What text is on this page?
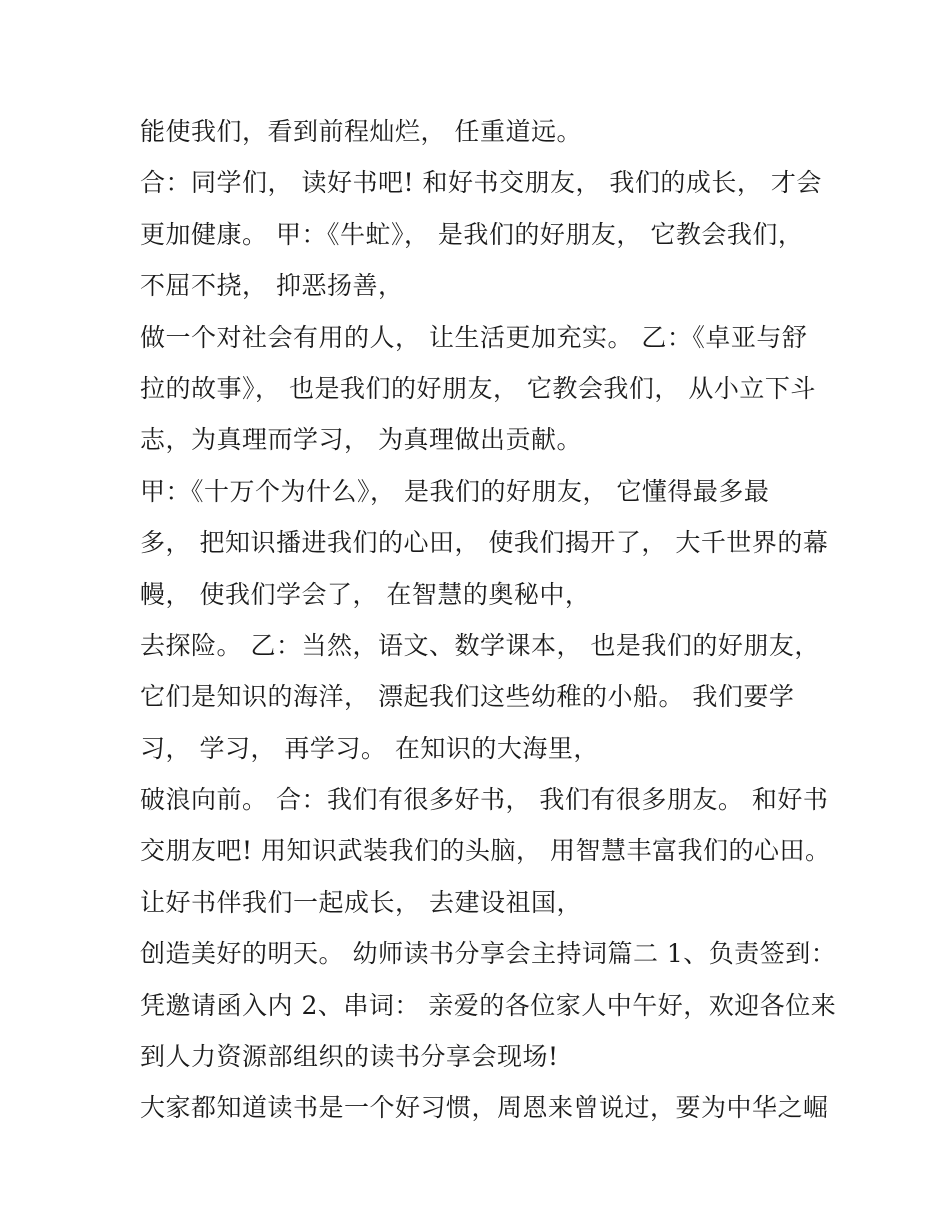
能使我们，看到前程灿烂， 任重道远。
合：同学们， 读好书吧! 和好书交朋友， 我们的成长， 才会
更加健康。 甲：《牛虻》， 是我们的好朋友， 它教会我们，
不屈不挠， 抑恶扬善，
做一个对社会有用的人， 让生活更加充实。 乙：《卓亚与舒
拉的故事》， 也是我们的好朋友， 它教会我们， 从小立下斗
志，为真理而学习， 为真理做出贡献。
甲：《十万个为什么》， 是我们的好朋友， 它懂得最多最
多， 把知识播进我们的心田， 使我们揭开了， 大千世界的幕
幔， 使我们学会了， 在智慧的奥秘中，
去探险。 乙：当然，语文、数学课本， 也是我们的好朋友，
它们是知识的海洋， 漂起我们这些幼稚的小船。 我们要学
习， 学习， 再学习。 在知识的大海里，
破浪向前。 合：我们有很多好书， 我们有很多朋友。 和好书
交朋友吧! 用知识武装我们的头脑， 用智慧丰富我们的心田。
让好书伴我们一起成长， 去建设祖国，
创造美好的明天。 幼师读书分享会主持词篇二 1、负责签到：
凭邀请函入内 2、串词： 亲爱的各位家人中午好，欢迎各位来
到人力资源部组织的读书分享会现场!
大家都知道读书是一个好习惯，周恩来曾说过，要为中华之崛
